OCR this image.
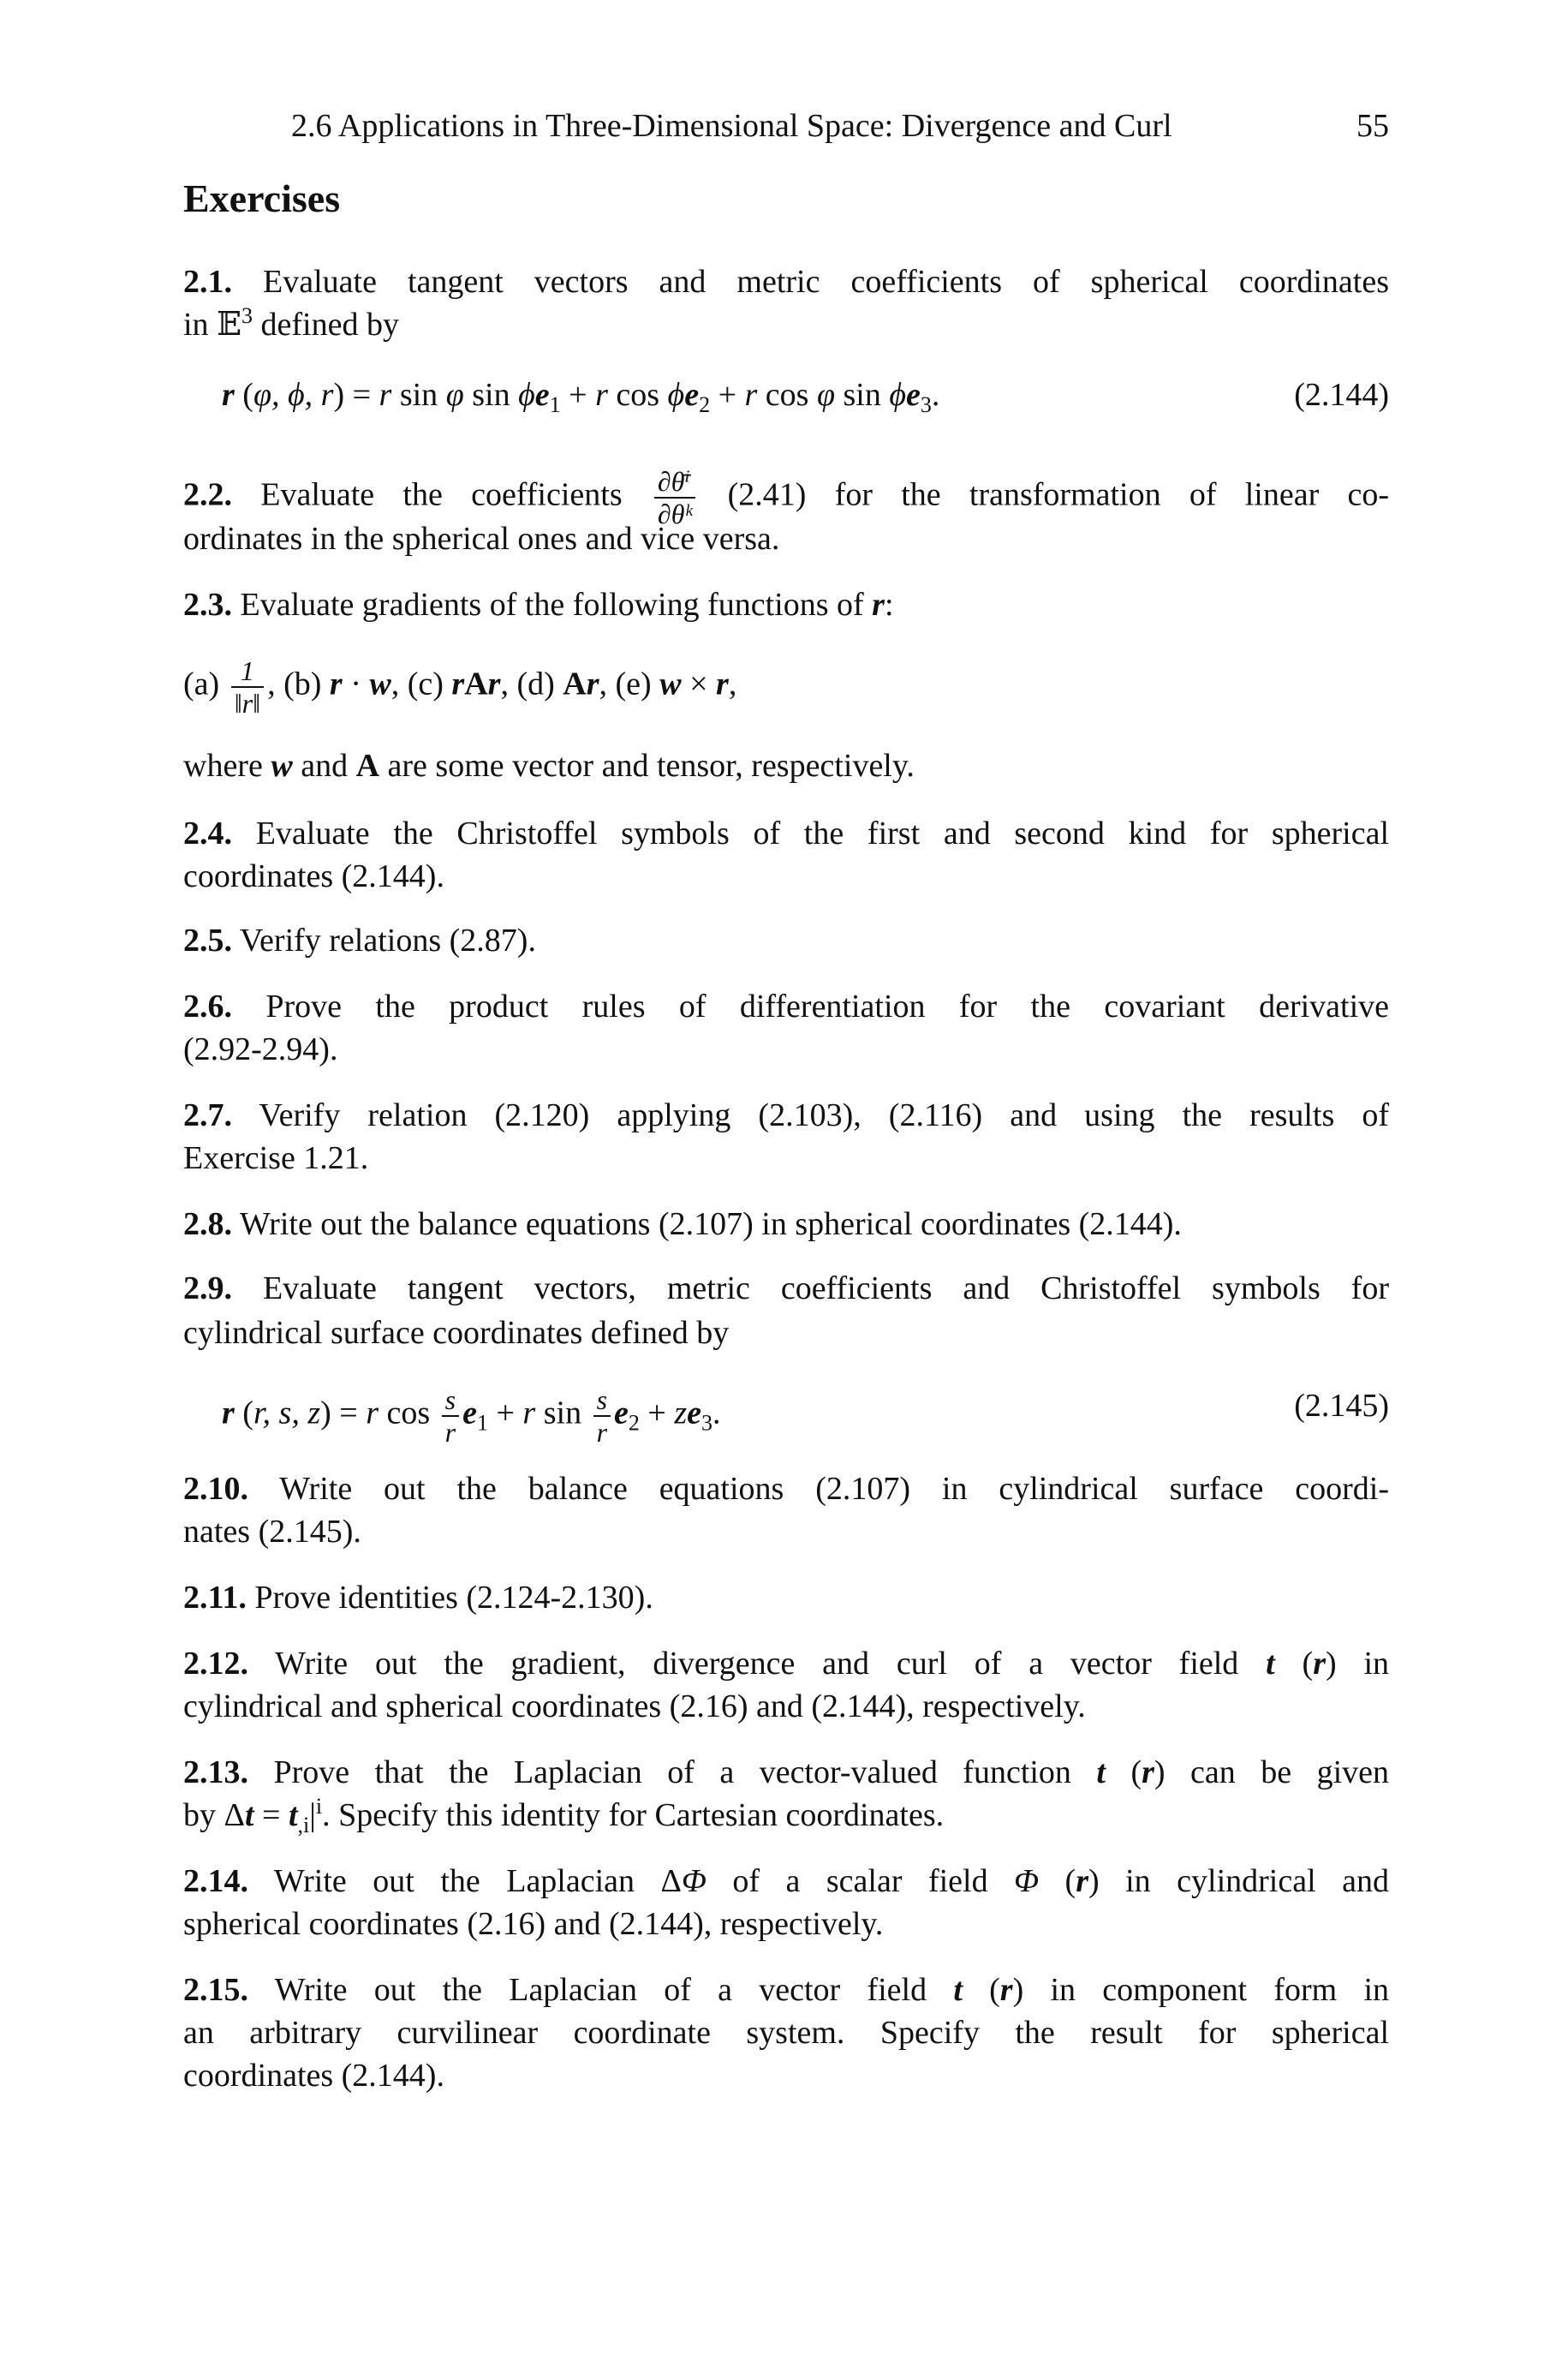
2.6 Applications in Three-Dimensional Space: Divergence and Curl	55
Exercises
2.1. Evaluate tangent vectors and metric coefficients of spherical coordinates
in 𝔼$^3$ defined by
r (φ, ϕ, r) = r sin φ $\sin \phi e_1 + r$ $\cos \phi e_2 + r$ cos φ $\sin \phi e_3$.	(2.144)
2.2. Evaluate the coefficients $\frac{\text{∂θ̄ⁱ}}{\text{∂θᵏ}} (2.41)$ for the transformation of linear co-
ordinates in the spherical ones and vice versa.
2.3. Evaluate gradients of the following functions of r:
$(a) \frac{1}{‖r‖}$ , (b) r · w, (c) rAr, (d) Ar, (e) w × r,
where w and A are some vector and tensor, respectively.
2.4. Evaluate the Christoffel symbols of the first and second kind for spherical
coordinates (2.144).
2.5. Verify relations (2.87).
2.6. Prove the product rules of differentiation for the covariant derivative
(2.92-2.94).
2.7. Verify relation (2.120) applying (2.103), (2.116) and using the results of
Exercise 1.21.
2.8. Write out the balance equations (2.107) in spherical coordinates (2.144).
2.9. Evaluate tangent vectors, metric coefficients and Christoffel symbols for
cylindrical surface coordinates defined by
r (r, s, z) = r $\cos \frac{s}{r} e_1 + r$ $\sin \frac{s}{r} e_2 + ze_3$.	(2.145)
2.10. Write out the balance equations (2.107) in cylindrical surface coordi-
nates (2.145).
2.11. Prove identities (2.124-2.130).
2.12. Write out the gradient, divergence and curl of a vector field t (r) in
cylindrical and spherical coordinates (2.16) and (2.144), respectively.
2.13. Prove that the Laplacian of a vector-valued function t (r) can be given
by $\Delta t = t_{,i}|^i$. Specify this identity for Cartesian coordinates.
2.14. Write out the Laplacian ΔΦ of a scalar field Φ (r) in cylindrical and
spherical coordinates (2.16) and (2.144), respectively.
2.15. Write out the Laplacian of a vector field t (r) in component form in
an arbitrary curvilinear coordinate system. Specify the result for spherical
coordinates (2.144).
